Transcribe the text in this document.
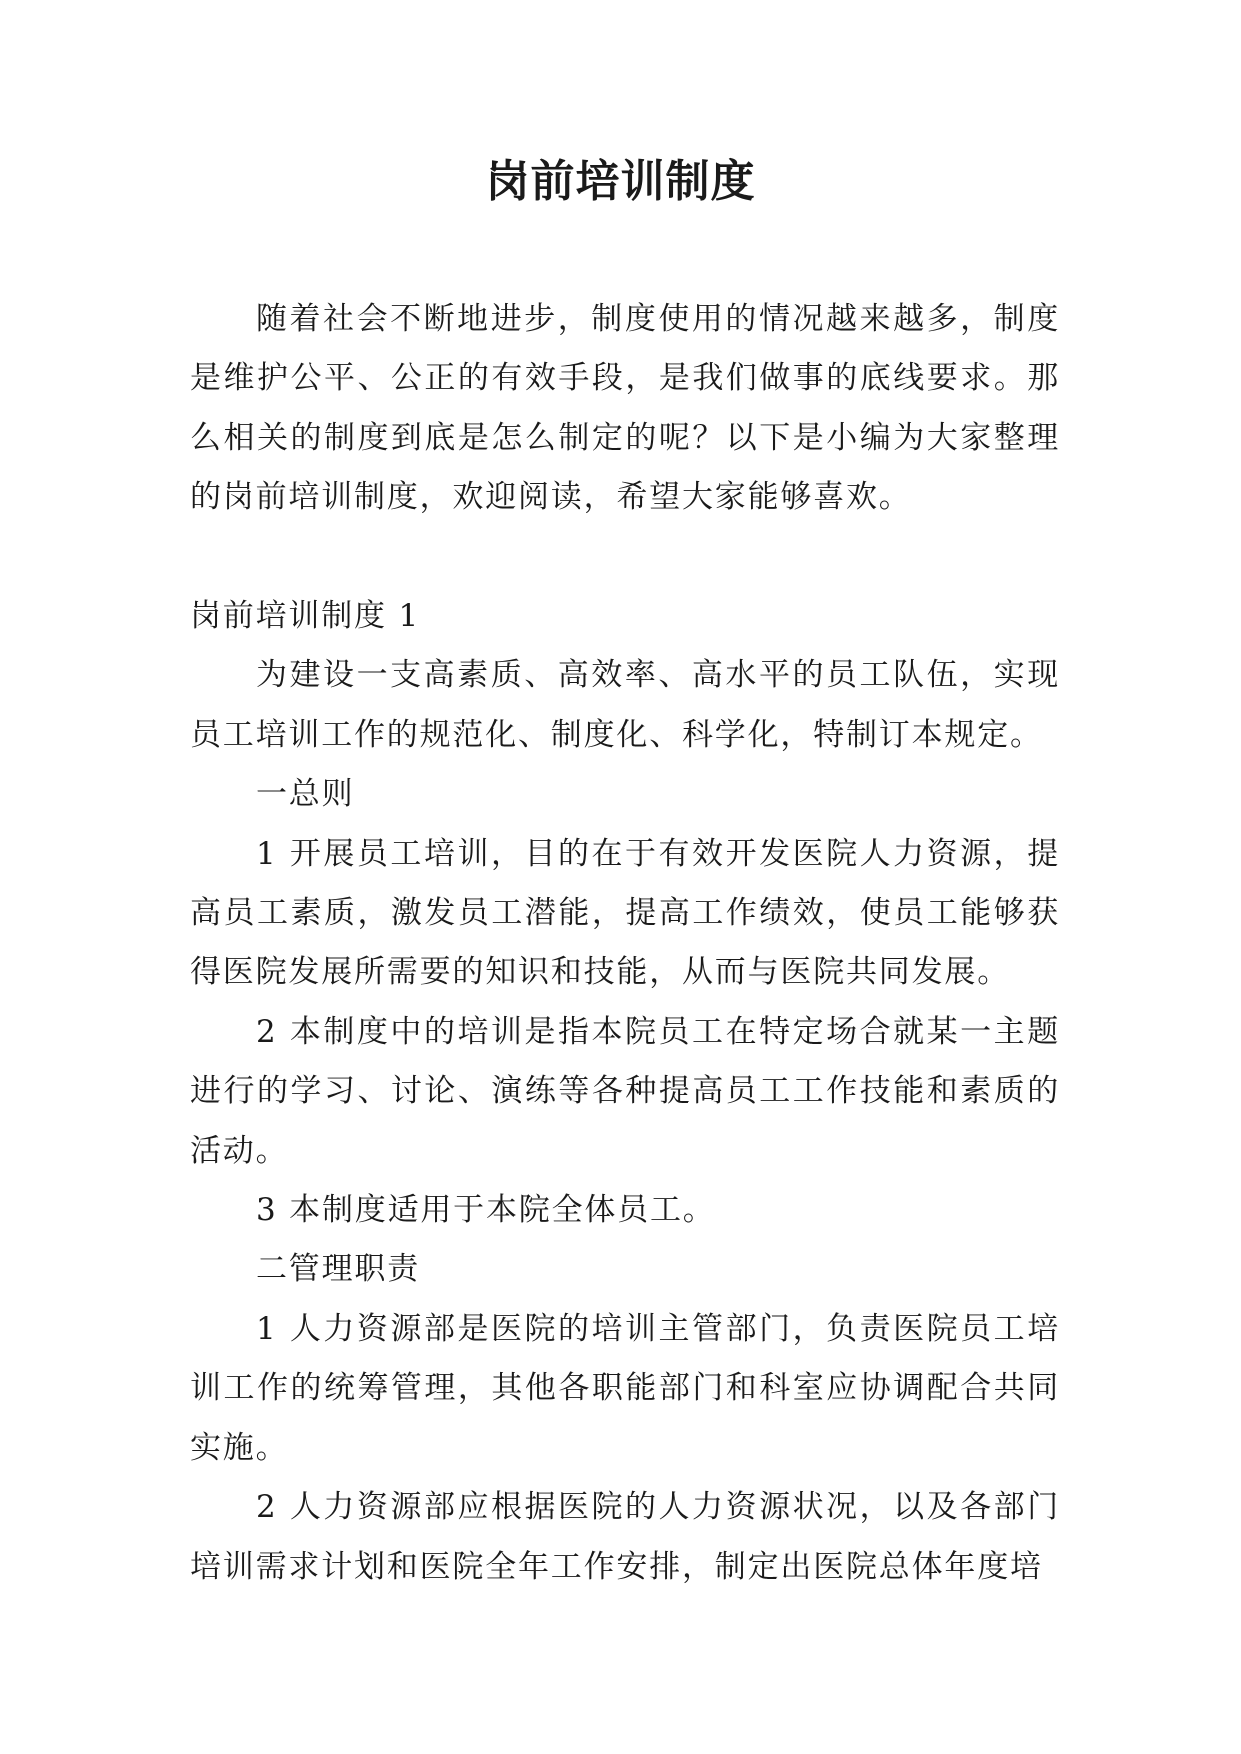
岗前培训制度

随着社会不断地进步，制度使用的情况越来越多，制度是维护公平、公正的有效手段，是我们做事的底线要求。那么相关的制度到底是怎么制定的呢？以下是小编为大家整理的岗前培训制度，欢迎阅读，希望大家能够喜欢。

岗前培训制度 1

为建设一支高素质、高效率、高水平的员工队伍，实现员工培训工作的规范化、制度化、科学化，特制订本规定。

一总则

1 开展员工培训，目的在于有效开发医院人力资源，提高员工素质，激发员工潜能，提高工作绩效，使员工能够获得医院发展所需要的知识和技能，从而与医院共同发展。

2 本制度中的培训是指本院员工在特定场合就某一主题进行的学习、讨论、演练等各种提高员工工作技能和素质的活动。

3 本制度适用于本院全体员工。

二管理职责

1 人力资源部是医院的培训主管部门，负责医院员工培训工作的统筹管理，其他各职能部门和科室应协调配合共同实施。

2 人力资源部应根据医院的人力资源状况，以及各部门培训需求计划和医院全年工作安排，制定出医院总体年度培
